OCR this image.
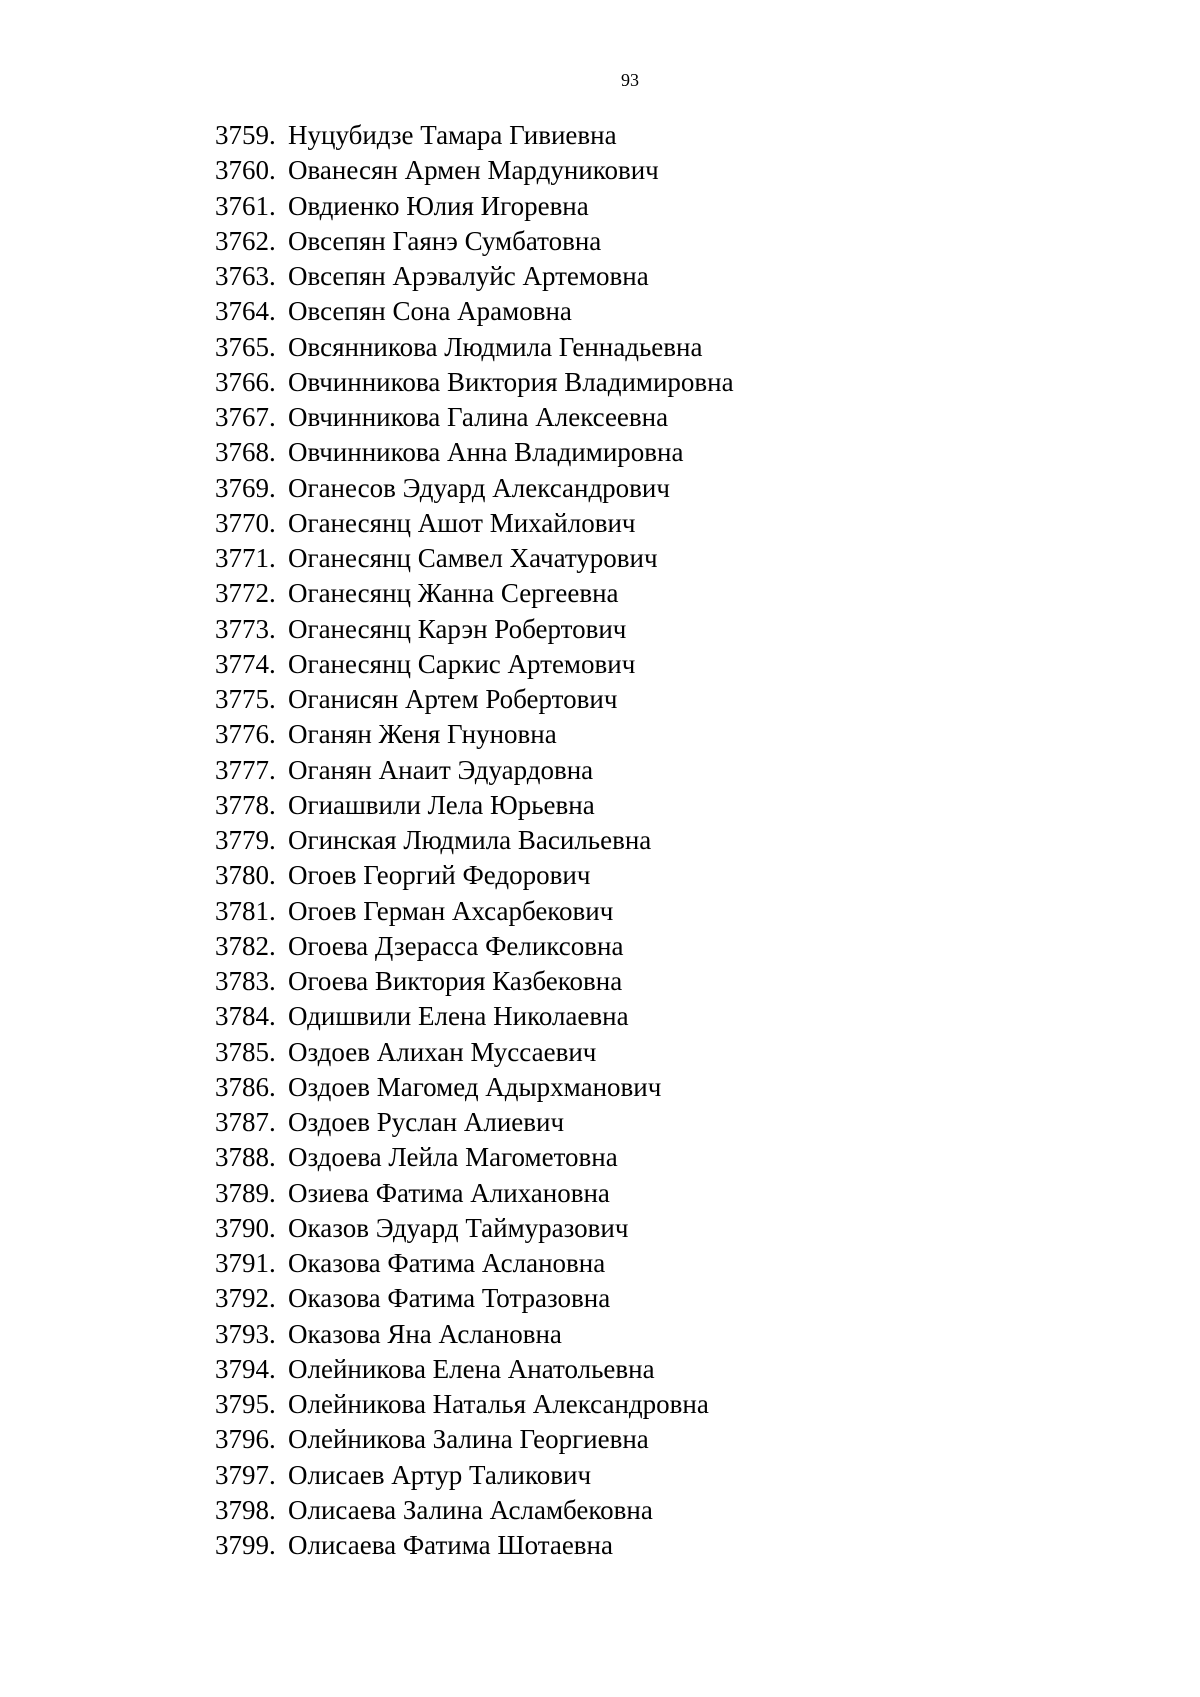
93
3759. Нуцубидзе Тамара Гивиевна
3760. Ованесян Армен Мардуникович
3761. Овдиенко Юлия Игоревна
3762. Овсепян Гаянэ Сумбатовна
3763. Овсепян Арэвалуйс Артемовна
3764. Овсепян Сона Арамовна
3765. Овсянникова Людмила Геннадьевна
3766. Овчинникова Виктория Владимировна
3767. Овчинникова Галина Алексеевна
3768. Овчинникова Анна Владимировна
3769. Оганесов Эдуард Александрович
3770. Оганесянц Ашот Михайлович
3771. Оганесянц Самвел Хачатурович
3772. Оганесянц Жанна Сергеевна
3773. Оганесянц Карэн Робертович
3774. Оганесянц Саркис Артемович
3775. Оганисян Артем Робертович
3776. Оганян Женя Гнуновна
3777. Оганян Анаит Эдуардовна
3778. Огиашвили Лела Юрьевна
3779. Огинская Людмила Васильевна
3780. Огоев Георгий Федорович
3781. Огоев Герман Ахсарбекович
3782. Огоева Дзерасса Феликсовна
3783. Огоева Виктория Казбековна
3784. Одишвили Елена Николаевна
3785. Оздоев Алихан Муссаевич
3786. Оздоев Магомед Адырхманович
3787. Оздоев Руслан Алиевич
3788. Оздоева Лейла Магометовна
3789. Озиева Фатима Алихановна
3790. Оказов Эдуард Таймуразович
3791. Оказова Фатима Аслановна
3792. Оказова Фатима Тотразовна
3793. Оказова Яна Аслановна
3794. Олейникова Елена Анатольевна
3795. Олейникова Наталья Александровна
3796. Олейникова Залина Георгиевна
3797. Олисаев Артур Таликович
3798. Олисаева Залина Асламбековна
3799. Олисаева Фатима Шотаевна
